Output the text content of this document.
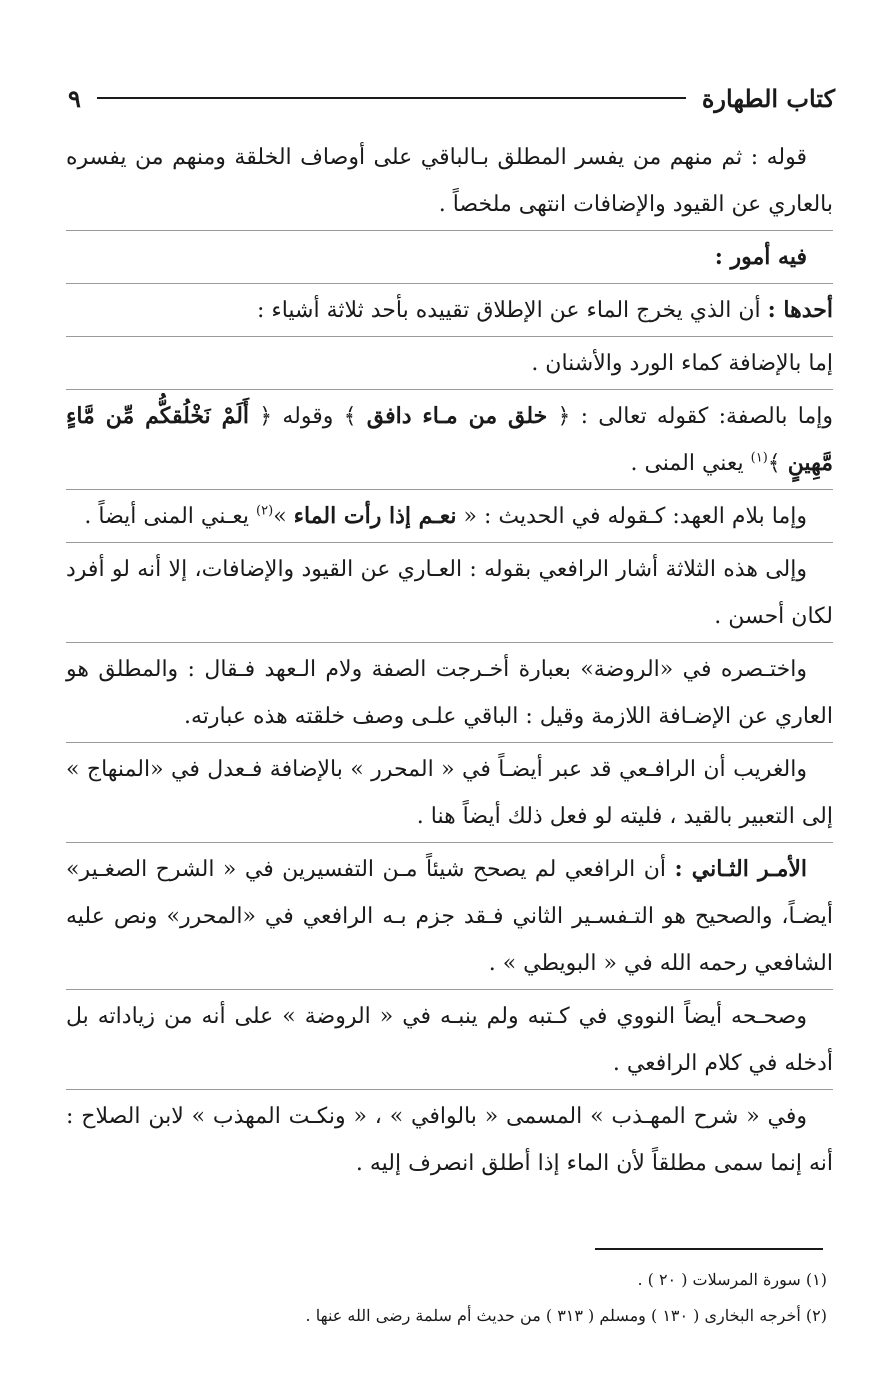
كتاب الطهارة
٩

قوله : ثم منهم من يفسر المطلق بـالباقي على أوصاف الخلقة ومنهم من يفسره بالعاري عن القيود والإضافات انتهى ملخصاً .

فيه أمور :

أحدها : أن الذي يخرج الماء عن الإطلاق تقييده بأحد ثلاثة أشياء :

إما بالإضافة كماء الورد والأشنان .

وإما بالصفة: كقوله تعالى : ﴿ خلق من مـاء دافق ﴾ وقوله ﴿ أَلَمْ نَخْلُقكُّم مِّن مَّاءٍ مَّهِينٍ ﴾$^{(١)}$ يعني المنى .

وإما بلام العهد: كـقوله في الحديث : « نعـم إذا رأت الماء »$^{(٢)}$ يعـني المنى أيضاً .

وإلى هذه الثلاثة أشار الرافعي بقوله : العـاري عن القيود والإضافات، إلا أنه لو أفرد لكان أحسن .

واختـصره في «الروضة» بعبارة أخـرجت الصفة ولام الـعهد فـقال : والمطلق هو العاري عن الإضـافة اللازمة وقيل : الباقي علـى وصف خلقته هذه عبارته.

والغريب أن الرافـعي قد عبر أيضـاً في « المحرر » بالإضافة فـعدل في «المنهاج » إلى التعبير بالقيد ، فليته لو فعل ذلك أيضاً هنا .

الأمـر الثـاني : أن الرافعي لم يصحح شيئاً مـن التفسيرين في « الشرح الصغـير» أيضـاً، والصحيح هو التـفسـير الثاني فـقد جزم بـه الرافعي في «المحرر» ونص عليه الشافعي رحمه الله في « البويطي » .

وصحـحه أيضاً النووي في كـتبه ولم ينبـه في « الروضة » على أنه من زياداته بل أدخله في كلام الرافعي .

وفي « شرح المهـذب » المسمى « بالوافي » ، « ونكـت المهذب » لابن الصلاح : أنه إنما سمى مطلقاً لأن الماء إذا أطلق انصرف إليه .

(١) سورة المرسلات ( ٢٠ ) .

(٢) أخرجه البخارى ( ١٣٠ ) ومسلم ( ٣١٣ ) من حديث أم سلمة رضى الله عنها .
